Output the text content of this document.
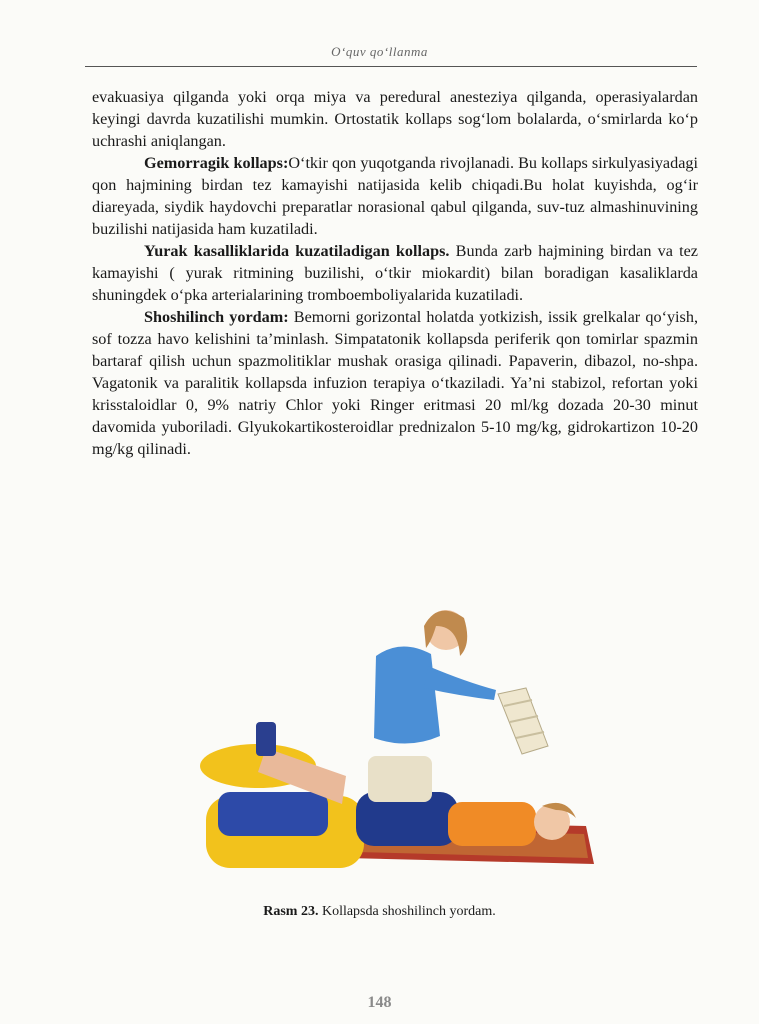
O‘quv qo‘llanma

evakuasiya qilganda yoki orqa miya va peredural anesteziya qilganda, operasiyalardan keyingi davrda kuzatilishi mumkin. Ortostatik kollaps sog‘lom bolalarda, o‘smirlarda ko‘p uchrashi aniqlangan.

Gemorragik kollaps:O‘tkir qon yuqotganda rivojlanadi. Bu kollaps sirkulyasiyadagi qon hajmining birdan tez kamayishi natijasida kelib chiqadi.Bu holat kuyishda, og‘ir diareyada, siydik haydovchi preparatlar norasional qabul qilganda, suv-tuz almashinuvining buzilishi natijasida ham kuzatiladi.

Yurak kasalliklarida kuzatiladigan kollaps. Bunda zarb hajmining birdan va tez kamayishi ( yurak ritmining buzilishi, o‘tkir miokardit) bilan boradigan kasaliklarda shuningdek o‘pka arterialarining tromboemboliyalarida kuzatiladi.

Shoshilinch yordam: Bemorni gorizontal holatda yotkizish, issik grelkalar qo‘yish, sof tozza havo kelishini ta’minlash. Simpatatonik kollapsda periferik qon tomirlar spazmin bartaraf qilish uchun spazmolitiklar mushak orasiga qilinadi. Papaverin, dibazol, no-shpa. Vagatonik va paralitik kollapsda infuzion terapiya o‘tkaziladi. Ya’ni stabizol, refortan yoki krisstaloidlar 0, 9% natriy Chlor yoki Ringer eritmasi 20 ml/kg dozada 20-30 minut davomida yuboriladi. Glyukokartikosteroidlar prednizalon 5-10 mg/kg, gidrokartizon 10-20 mg/kg qilinadi.

Rasm 23. Kollapsda shoshilinch yordam.
148
